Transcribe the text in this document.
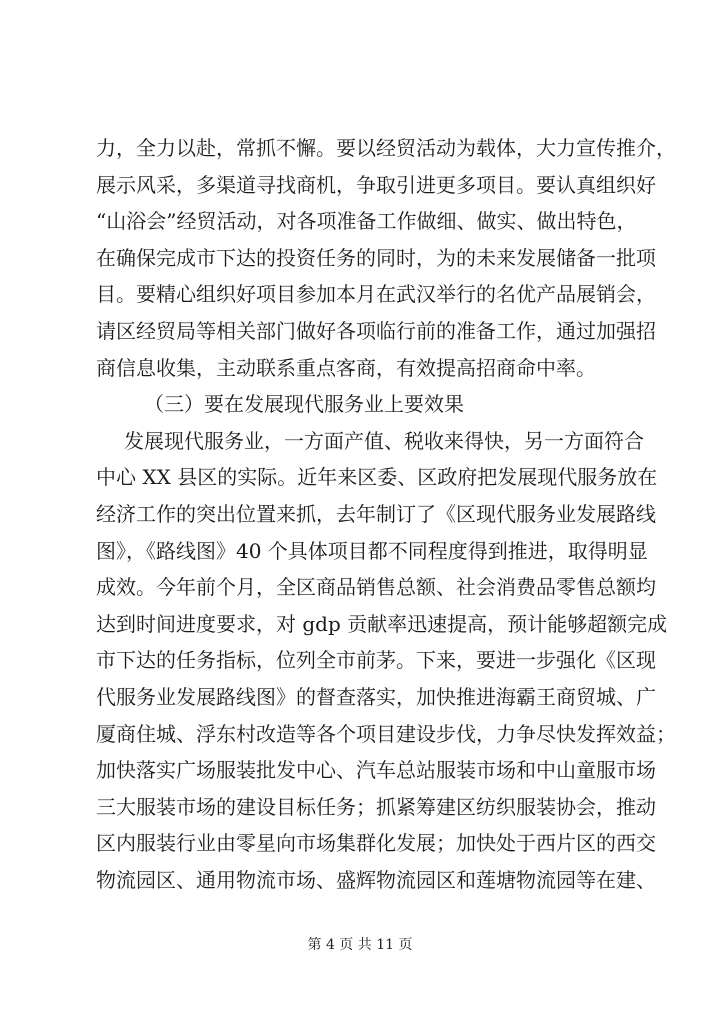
力，全力以赴，常抓不懈。要以经贸活动为载体，大力宣传推介，
展示风采，多渠道寻找商机，争取引进更多项目。要认真组织好
“山浴会”经贸活动，对各项准备工作做细、做实、做出特色，
在确保完成市下达的投资任务的同时，为的未来发展储备一批项
目。要精心组织好项目参加本月在武汉举行的名优产品展销会，
请区经贸局等相关部门做好各项临行前的准备工作，通过加强招
商信息收集，主动联系重点客商，有效提高招商命中率。
（三）要在发展现代服务业上要效果
发展现代服务业，一方面产值、税收来得快，另一方面符合
中心 XX 县区的实际。近年来区委、区政府把发展现代服务放在
经济工作的突出位置来抓，去年制订了《区现代服务业发展路线
图》，《路线图》40 个具体项目都不同程度得到推进，取得明显
成效。今年前个月，全区商品销售总额、社会消费品零售总额均
达到时间进度要求，对 gdp 贡献率迅速提高，预计能够超额完成
市下达的任务指标，位列全市前茅。下来，要进一步强化《区现
代服务业发展路线图》的督查落实，加快推进海霸王商贸城、广
厦商住城、浮东村改造等各个项目建设步伐，力争尽快发挥效益；
加快落实广场服装批发中心、汽车总站服装市场和中山童服市场
三大服装市场的建设目标任务；抓紧筹建区纺织服装协会，推动
区内服装行业由零星向市场集群化发展；加快处于西片区的西交
物流园区、通用物流市场、盛辉物流园区和莲塘物流园等在建、
第 4 页 共 11 页
